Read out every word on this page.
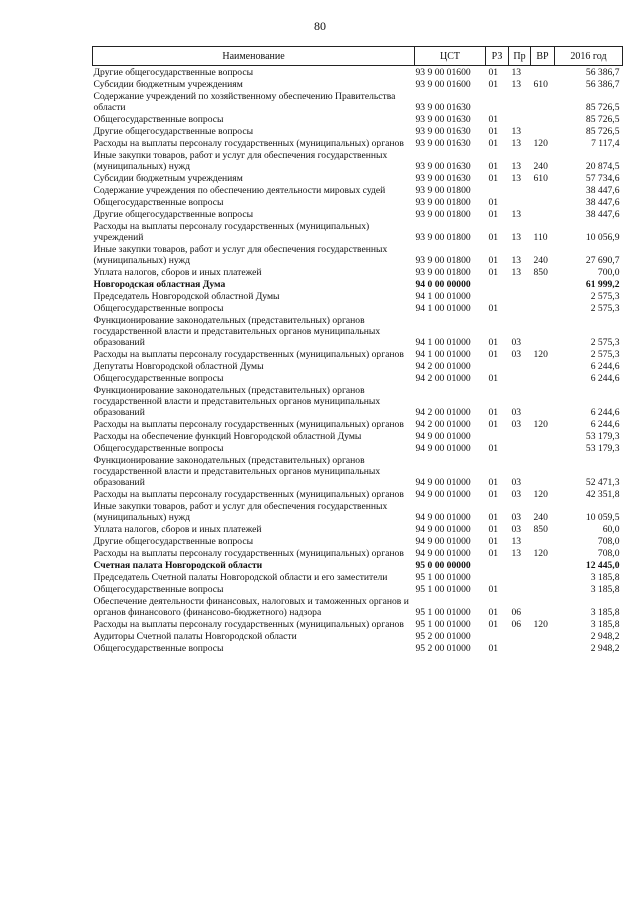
80
Наименование	ЦСТ	РЗ	Пр	ВР	2016 год
Другие общегосударственные вопросы	93 9 00 01600	01	13		56 386,7
Субсидии бюджетным учреждениям	93 9 00 01600	01	13	610	56 386,7
Содержание учреждений по хозяйственному обеспечению Правительства области	93 9 00 01630				85 726,5
Общегосударственные вопросы	93 9 00 01630	01			85 726,5
Другие общегосударственные вопросы	93 9 00 01630	01	13		85 726,5
Расходы на выплаты персоналу государственных (муниципальных) органов	93 9 00 01630	01	13	120	7 117,4
Иные закупки товаров, работ и услуг для обеспечения государственных (муниципальных) нужд	93 9 00 01630	01	13	240	20 874,5
Субсидии бюджетным учреждениям	93 9 00 01630	01	13	610	57 734,6
Содержание учреждения по обеспечению деятельности мировых судей	93 9 00 01800				38 447,6
Общегосударственные вопросы	93 9 00 01800	01			38 447,6
Другие общегосударственные вопросы	93 9 00 01800	01	13		38 447,6
Расходы на выплаты персоналу государственных (муниципальных) учреждений	93 9 00 01800	01	13	110	10 056,9
Иные закупки товаров, работ и услуг для обеспечения государственных (муниципальных) нужд	93 9 00 01800	01	13	240	27 690,7
Уплата налогов, сборов и иных платежей	93 9 00 01800	01	13	850	700,0
Новгородская областная Дума	94 0 00 00000				61 999,2
Председатель Новгородской областной Думы	94 1 00 01000				2 575,3
Общегосударственные вопросы	94 1 00 01000	01			2 575,3
Функционирование законодательных (представительных) органов государственной власти и представительных органов муниципальных образований	94 1 00 01000	01	03		2 575,3
Расходы на выплаты персоналу государственных (муниципальных) органов	94 1 00 01000	01	03	120	2 575,3
Депутаты Новгородской областной Думы	94 2 00 01000				6 244,6
Общегосударственные вопросы	94 2 00 01000	01			6 244,6
Функционирование законодательных (представительных) органов государственной власти и представительных органов муниципальных образований	94 2 00 01000	01	03		6 244,6
Расходы на выплаты персоналу государственных (муниципальных) органов	94 2 00 01000	01	03	120	6 244,6
Расходы на обеспечение функций Новгородской областной Думы	94 9 00 01000				53 179,3
Общегосударственные вопросы	94 9 00 01000	01			53 179,3
Функционирование законодательных (представительных) органов государственной власти и представительных органов муниципальных образований	94 9 00 01000	01	03		52 471,3
Расходы на выплаты персоналу государственных (муниципальных) органов	94 9 00 01000	01	03	120	42 351,8
Иные закупки товаров, работ и услуг для обеспечения государственных (муниципальных) нужд	94 9 00 01000	01	03	240	10 059,5
Уплата налогов, сборов и иных платежей	94 9 00 01000	01	03	850	60,0
Другие общегосударственные вопросы	94 9 00 01000	01	13		708,0
Расходы на выплаты персоналу государственных (муниципальных) органов	94 9 00 01000	01	13	120	708,0
Счетная палата Новгородской области	95 0 00 00000				12 445,0
Председатель Счетной палаты Новгородской области и его заместители	95 1 00 01000				3 185,8
Общегосударственные вопросы	95 1 00 01000	01			3 185,8
Обеспечение деятельности финансовых, налоговых и таможенных органов и органов финансового (финансово-бюджетного) надзора	95 1 00 01000	01	06		3 185,8
Расходы на выплаты персоналу государственных (муниципальных) органов	95 1 00 01000	01	06	120	3 185,8
Аудиторы Счетной палаты Новгородской области	95 2 00 01000				2 948,2
Общегосударственные вопросы	95 2 00 01000	01			2 948,2
